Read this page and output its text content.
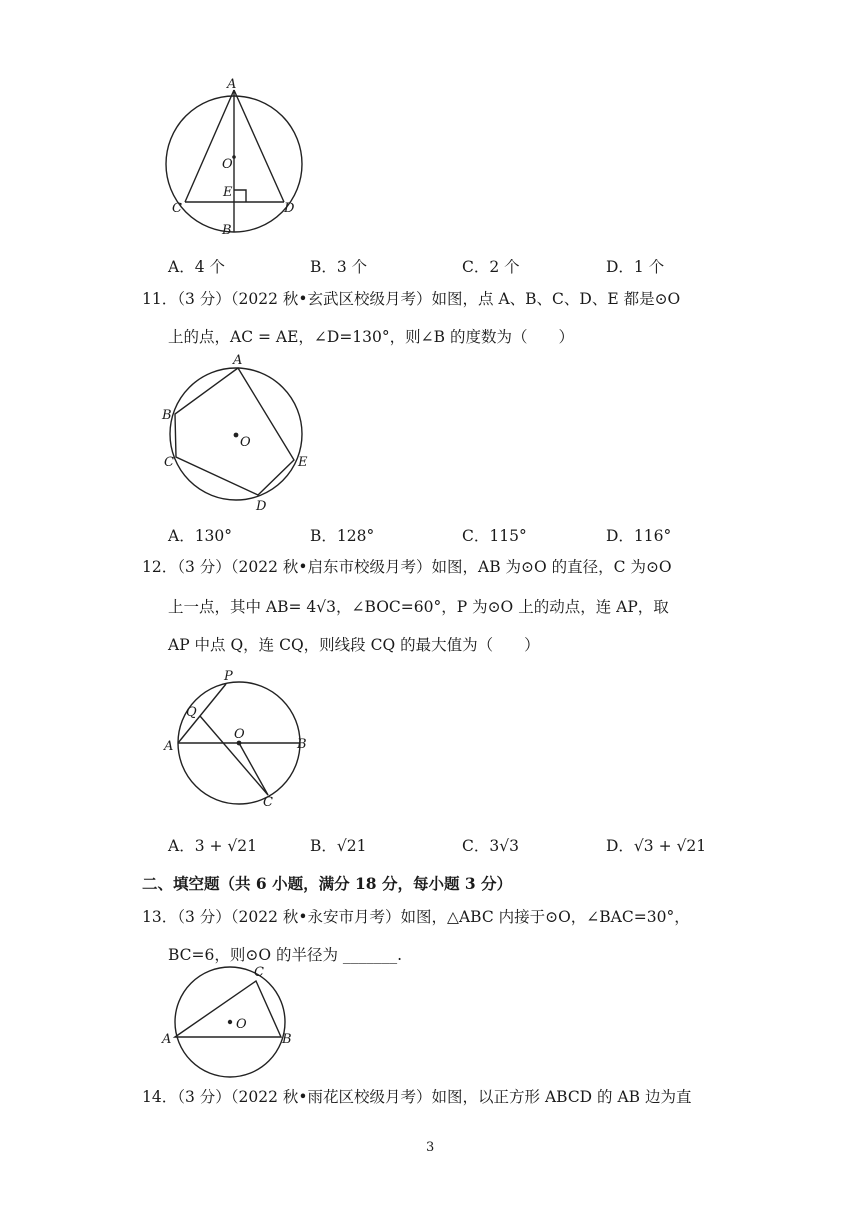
A
O
E
C	D
B
A．4 个	B．3 个	C．2 个	D．1 个
11．（3 分）（2022 秋•玄武区校级月考）如图，点 A、B、C、D、E 都是⊙O
上的点，AC = AE，∠D=130°，则∠B 的度数为（　　）
A
B
C
D
E
O
A．130°	B．128°	C．115°	D．116°
12．（3 分）（2022 秋•启东市校级月考）如图，AB 为⊙O 的直径，C 为⊙O
上一点，其中 AB= 4√3，∠BOC=60°，P 为⊙O 上的动点，连 AP，取
AP 中点 Q，连 CQ，则线段 CQ 的最大值为（　　）
P
Q
O
A	B
C
A．3 + √21	B．√21	C．3√3	D．√3 + √21
二、填空题（共 6 小题，满分 18 分，每小题 3 分）
13．（3 分）（2022 秋•永安市月考）如图，△ABC 内接于⊙O，∠BAC=30°，
BC=6，则⊙O 的半径为 _______.
C
O
A	B
14．（3 分）（2022 秋•雨花区校级月考）如图，以正方形 ABCD 的 AB 边为直
3
